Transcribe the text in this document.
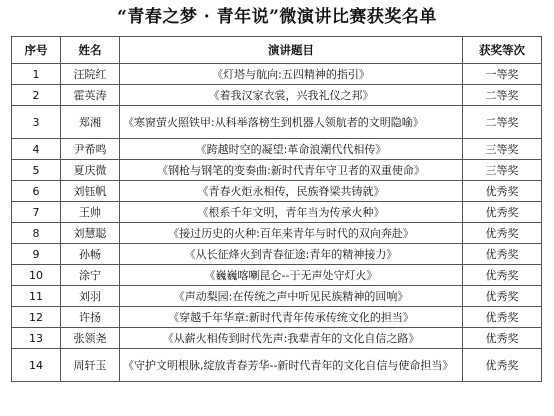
“青春之梦 · 青年说”微演讲比赛获奖名单
序号	姓名	演讲题目	获奖等次
1	汪院红	《灯塔与航向:五四精神的指引》	一等奖
2	霍英涛	《着我汉家衣裳，兴我礼仪之邦》	二等奖
3	郑湘	《寒窗萤火照铁甲:从科举落榜生到机器人领航者的文明隐喻》	二等奖
4	尹希鸣	《跨越时空的凝望:革命浪潮代代相传》	三等奖
5	夏庆微	《钢枪与钢笔的变奏曲:新时代青年守卫者的双重使命》	三等奖
6	刘钰帆	《青春火炬永相传，民族脊梁共铸就》	优秀奖
7	王帅	《根系千年文明，青年当为传承火种》	优秀奖
8	刘慧聪	《接过历史的火种:百年来青年与时代的双向奔赴》	优秀奖
9	孙畅	《从长征烽火到青春征途:青年的精神接力》	优秀奖
10	涂宁	《巍巍喀喇昆仑--于无声处守灯火》	优秀奖
11	刘羽	《声动梨园:在传统之声中听见民族精神的回响》	优秀奖
12	许扬	《穿越千年华章:新时代青年传承传统文化的担当》	优秀奖
13	张领尧	《从薪火相传到时代先声:我辈青年的文化自信之路》	优秀奖
14	周轩玉	《守护文明根脉,绽放青春芳华--新时代青年的文化自信与使命担当》	优秀奖
